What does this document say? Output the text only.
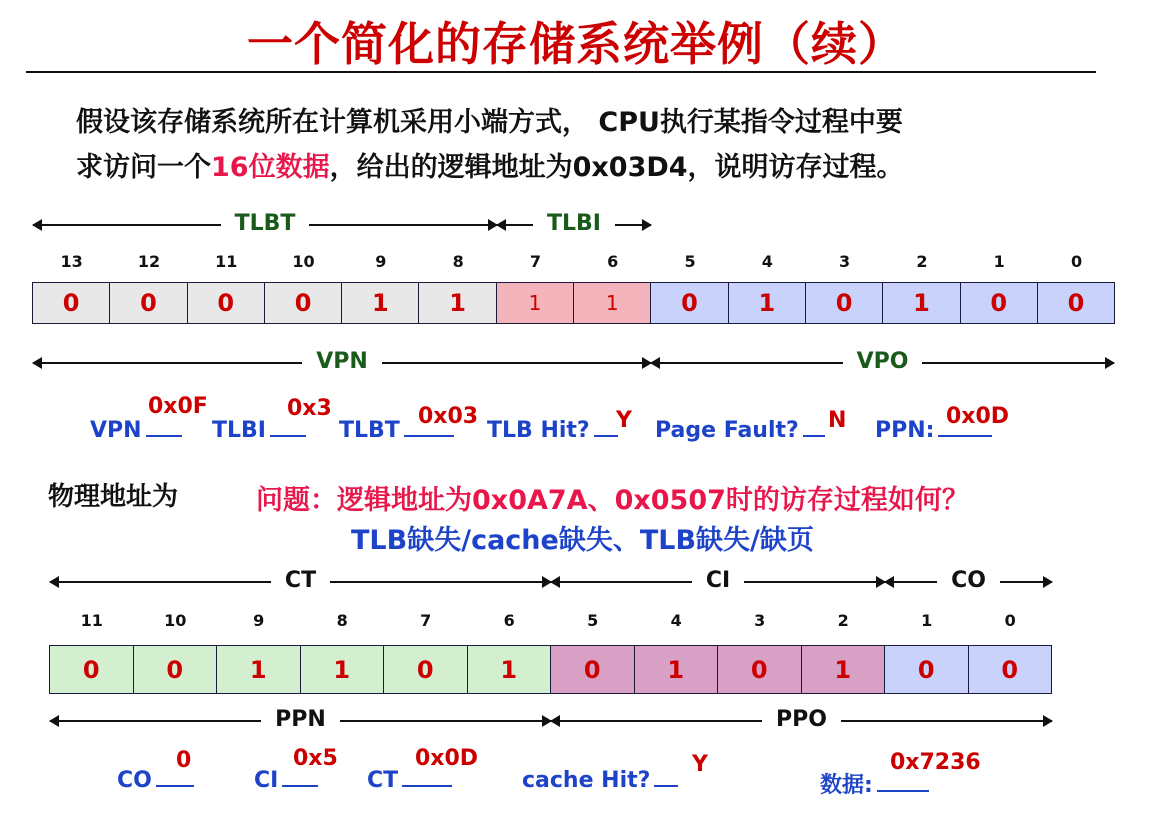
一个简化的存储系统举例（续）
假设该存储系统所在计算机采用小端方式， CPU执行某指令过程中要
求访问一个16位数据，给出的逻辑地址为0x03D4，说明访存过程。
TLBT	TLBI
13	12	11	10	9	8	7	6	5	4	3	2	1	0
0	0	0	0	1	1	1	1	0	1	0	1	0	0
VPN	VPO
VPN
0x0F
TLBI
0x3
TLBT
0x03
TLB Hit?	Y Page Fault?	N PPN:
0x0D
物理地址为	问题：逻辑地址为0x0A7A、0x0507时的访存过程如何？
TLB缺失/cache缺失、TLB缺失/缺页
CT	CI	CO
11	10	9	8	7	6	5	4	3	2	1	0
0	0	1	1	0	1	0	1	0	1	0	0
PPN	PPO
CO
0
CI
0x5
CT
0x0D
cache Hit?
Y
数据:
0x7236
